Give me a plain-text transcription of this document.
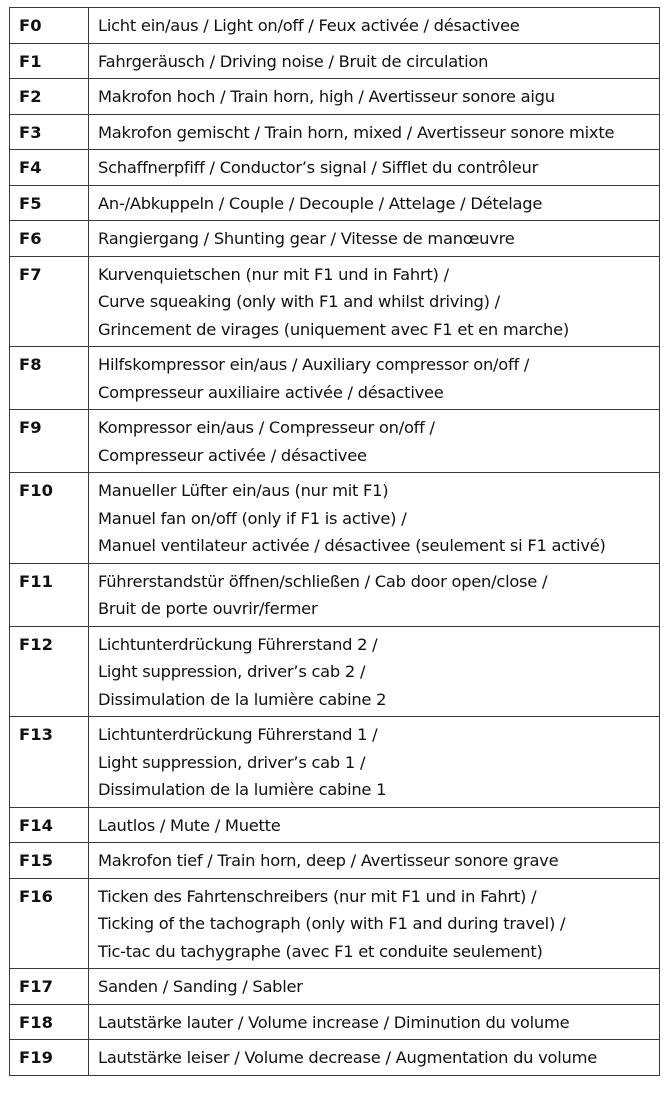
F0	Licht ein/aus / Light on/off / Feux activée / désactivee

F1	Fahrgeräusch / Driving noise / Bruit de circulation

F2	Makrofon hoch / Train horn, high / Avertisseur sonore aigu

F3	Makrofon gemischt / Train horn, mixed / Avertisseur sonore mixte

F4	Schaffnerpfiff / Conductor’s signal / Sifflet du contrôleur

F5	An-/Abkuppeln / Couple / Decouple / Attelage / Dételage

F6	Rangiergang / Shunting gear / Vitesse de manœuvre

F7	Kurvenquietschen (nur mit F1 und in Fahrt) /
Curve squeaking (only with F1 and whilst driving) /
Grincement de virages (uniquement avec F1 et en marche)

F8	Hilfskompressor ein/aus / Auxiliary compressor on/off /
Compresseur auxiliaire activée / désactivee

F9	Kompressor ein/aus / Compresseur on/off /
Compresseur activée / désactivee

F10	Manueller Lüfter ein/aus (nur mit F1)
Manuel fan on/off (only if F1 is active) /
Manuel ventilateur activée / désactivee (seulement si F1 activé)

F11	Führerstandstür öffnen/schließen / Cab door open/close /
Bruit de porte ouvrir/fermer

F12	Lichtunterdrückung Führerstand 2 /
Light suppression, driver’s cab 2 /
Dissimulation de la lumière cabine 2

F13	Lichtunterdrückung Führerstand 1 /
Light suppression, driver’s cab 1 /
Dissimulation de la lumière cabine 1

F14	Lautlos / Mute / Muette

F15	Makrofon tief / Train horn, deep / Avertisseur sonore grave

F16	Ticken des Fahrtenschreibers (nur mit F1 und in Fahrt) /
Ticking of the tachograph (only with F1 and during travel) /
Tic-tac du tachygraphe (avec F1 et conduite seulement)

F17	Sanden / Sanding / Sabler

F18	Lautstärke lauter / Volume increase / Diminution du volume

F19	Lautstärke leiser / Volume decrease / Augmentation du volume
